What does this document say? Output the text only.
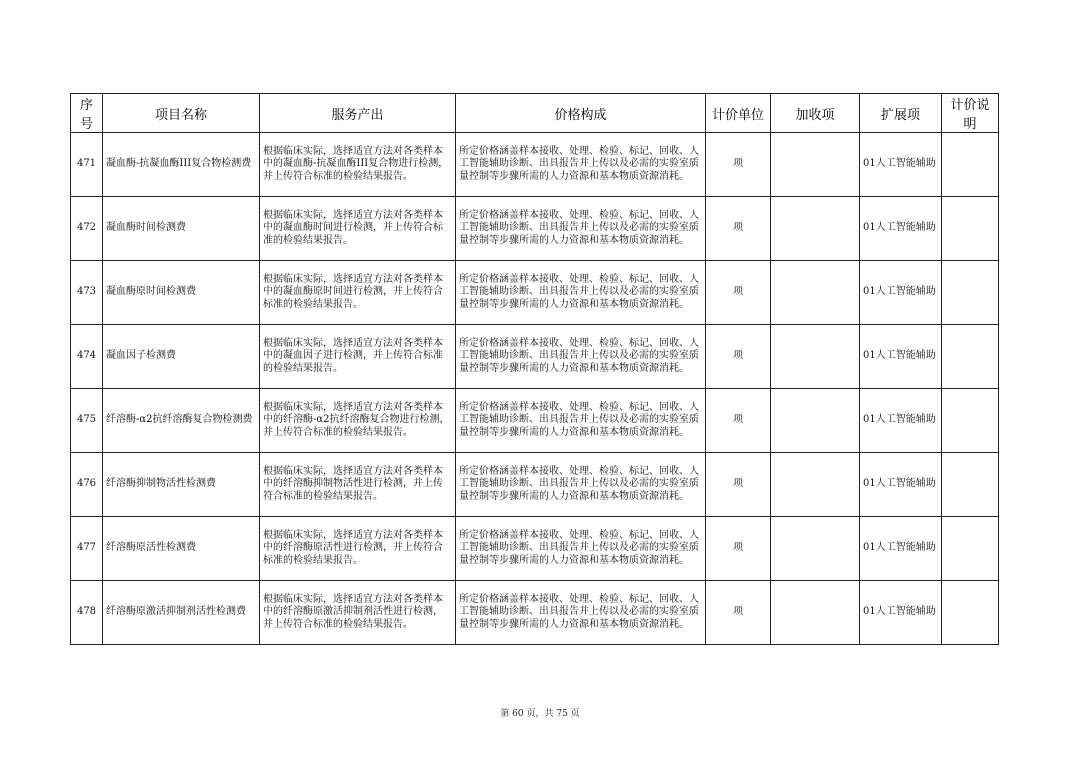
序号	项目名称	服务产出	价格构成	计价单位	加收项	扩展项	计价说明
471	凝血酶-抗凝血酶III复合物检测费	根据临床实际，选择适宜方法对各类样本中的凝血酶-抗凝血酶III复合物进行检测，并上传符合标准的检验结果报告。	所定价格涵盖样本接收、处理、检验、标记、回收、人工智能辅助诊断、出具报告并上传以及必需的实验室质量控制等步骤所需的人力资源和基本物质资源消耗。	项		01人工智能辅助	
472	凝血酶时间检测费	根据临床实际，选择适宜方法对各类样本中的凝血酶时间进行检测，并上传符合标准的检验结果报告。	所定价格涵盖样本接收、处理、检验、标记、回收、人工智能辅助诊断、出具报告并上传以及必需的实验室质量控制等步骤所需的人力资源和基本物质资源消耗。	项		01人工智能辅助	
473	凝血酶原时间检测费	根据临床实际，选择适宜方法对各类样本中的凝血酶原时间进行检测，并上传符合标准的检验结果报告。	所定价格涵盖样本接收、处理、检验、标记、回收、人工智能辅助诊断、出具报告并上传以及必需的实验室质量控制等步骤所需的人力资源和基本物质资源消耗。	项		01人工智能辅助	
474	凝血因子检测费	根据临床实际，选择适宜方法对各类样本中的凝血因子进行检测，并上传符合标准的检验结果报告。	所定价格涵盖样本接收、处理、检验、标记、回收、人工智能辅助诊断、出具报告并上传以及必需的实验室质量控制等步骤所需的人力资源和基本物质资源消耗。	项		01人工智能辅助	
475	纤溶酶-α2抗纤溶酶复合物检测费	根据临床实际，选择适宜方法对各类样本中的纤溶酶-α2抗纤溶酶复合物进行检测，并上传符合标准的检验结果报告。	所定价格涵盖样本接收、处理、检验、标记、回收、人工智能辅助诊断、出具报告并上传以及必需的实验室质量控制等步骤所需的人力资源和基本物质资源消耗。	项		01人工智能辅助	
476	纤溶酶抑制物活性检测费	根据临床实际，选择适宜方法对各类样本中的纤溶酶抑制物活性进行检测，并上传符合标准的检验结果报告。	所定价格涵盖样本接收、处理、检验、标记、回收、人工智能辅助诊断、出具报告并上传以及必需的实验室质量控制等步骤所需的人力资源和基本物质资源消耗。	项		01人工智能辅助	
477	纤溶酶原活性检测费	根据临床实际，选择适宜方法对各类样本中的纤溶酶原活性进行检测，并上传符合标准的检验结果报告。	所定价格涵盖样本接收、处理、检验、标记、回收、人工智能辅助诊断、出具报告并上传以及必需的实验室质量控制等步骤所需的人力资源和基本物质资源消耗。	项		01人工智能辅助	
478	纤溶酶原激活抑制剂活性检测费	根据临床实际，选择适宜方法对各类样本中的纤溶酶原激活抑制剂活性进行检测，并上传符合标准的检验结果报告。	所定价格涵盖样本接收、处理、检验、标记、回收、人工智能辅助诊断、出具报告并上传以及必需的实验室质量控制等步骤所需的人力资源和基本物质资源消耗。	项		01人工智能辅助	
第 60 页，共 75 页
